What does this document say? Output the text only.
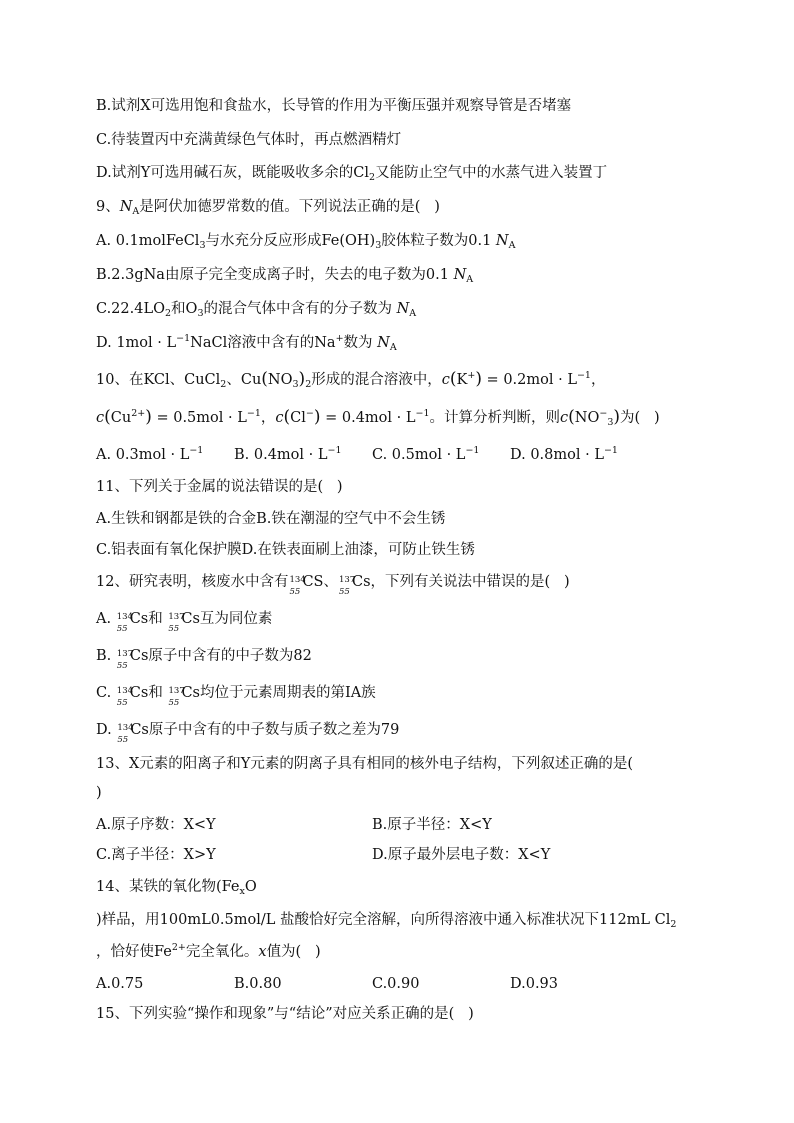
B.试剂X可选用饱和食盐水，长导管的作用为平衡压强并观察导管是否堵塞
C.待装置丙中充满黄绿色气体时，再点燃酒精灯
D.试剂Y可选用碱石灰，既能吸收多余的$Cl_2$又能防止空气中的水蒸气进入装置丁
9、$N_A$是阿伏加德罗常数的值。下列说法正确的是(   )
A. 0.1molFeCl$_3$与水充分反应形成$Fe(OH)_3$胶体粒子数为0.1 $N_A$
B.2.3gNa由原子完全变成离子时，失去的电子数为0.1 $N_A$
$C.22.4LO_2$和$O_3$的混合气体中含有的分子数为 $N_A$
D. $1mol \cdot L^{-1}NaCl$溶液中含有的Na+数为 $N_A$
10、在KCl、CuCl$_2$、$Cu(NO_3)_2$形成的混合溶液中，$c(K^+) = 0.2mol \cdot L^{-1}$，
$c(Cu^{2+}) = 0.5mol \cdot L^{-1}$，$c(Cl^-) = 0.4mol \cdot L^{-1}$。计算分析判断，则$c(NO^-_3)$为(   )
11、下列关于金属的说法错误的是(   )
A.生铁和钢都是铁的合金B.铁在潮湿的空气中不会生锈
C.铝表面有氧化保护膜D.在铁表面刷上油漆，可防止铁生锈
12、研究表明，核废水中含有 134
55
CS、 137
55
Cs，下列有关说法中错误的是(   )
A. 134
55
Cs和 137
55
Cs互为同位素
B. 137
55
Cs原子中含有的中子数为82
C. 134
55
Cs和 137
55
Cs均位于元素周期表的第ⅠA族
D. 134
55
Cs原子中含有的中子数与质子数之差为79
13、X元素的阳离子和Y元素的阴离子具有相同的核外电子结构，下列叙述正确的是(
)
14、某铁的氧化物($Fe_xO$
)样品，用100mL0.5mol/L 盐酸恰好完全溶解，向所得溶液中通入标准状况下112mL $Cl_2$
，恰好使$Fe^{2+}$完全氧化。x值为(   )
15、下列实验“操作和现象”与“结论”对应关系正确的是(   )
A. $0.3mol \cdot L^{-1}$ B. $0.4mol \cdot L^{-1}$ C. $0.5mol \cdot L^{-1}$ D. $0.8mol \cdot L^{-1}$
A.原子序数：X<Y	B.原子半径：X<Y
C.离子半径：X>Y	D.原子最外层电子数：X<Y
A.0.75	B.0.80	C.0.90	D.0.93
